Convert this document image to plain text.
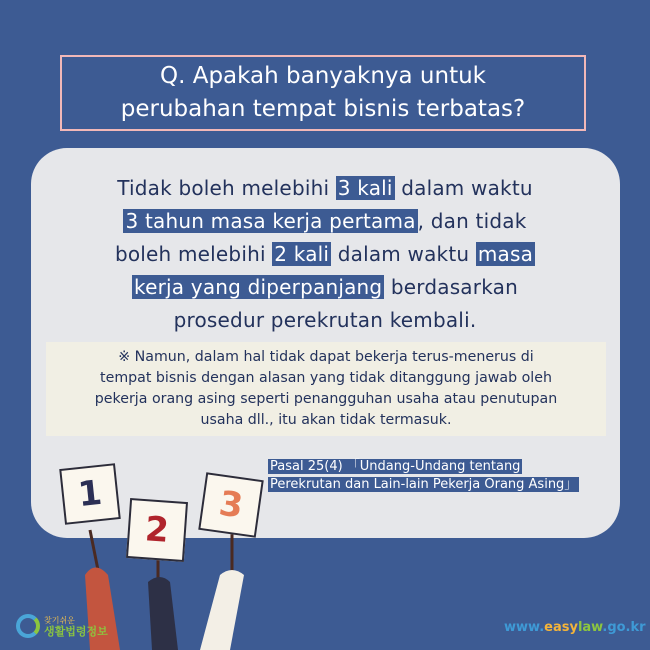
Q. Apakah banyaknya untuk
perubahan tempat bisnis terbatas?
Tidak boleh melebihi 3 kali dalam waktu
3 tahun masa kerja pertama , dan tidak
boleh melebihi 2 kali dalam waktu masa
kerja yang diperpanjang berdasarkan
prosedur perekrutan kembali.
※ Namun, dalam hal tidak dapat bekerja terus-menerus di
tempat bisnis dengan alasan yang tidak ditanggung jawab oleh
pekerja orang asing seperti penangguhan usaha atau penutupan
usaha dll., itu akan tidak termasuk.
Pasal 25(4) 「Undang-Undang tentang
Perekrutan dan Lain-lain Pekerja Orang Asing」
1
2
3
찾기쉬운
생활법령정보	www.easylaw.go.kr
